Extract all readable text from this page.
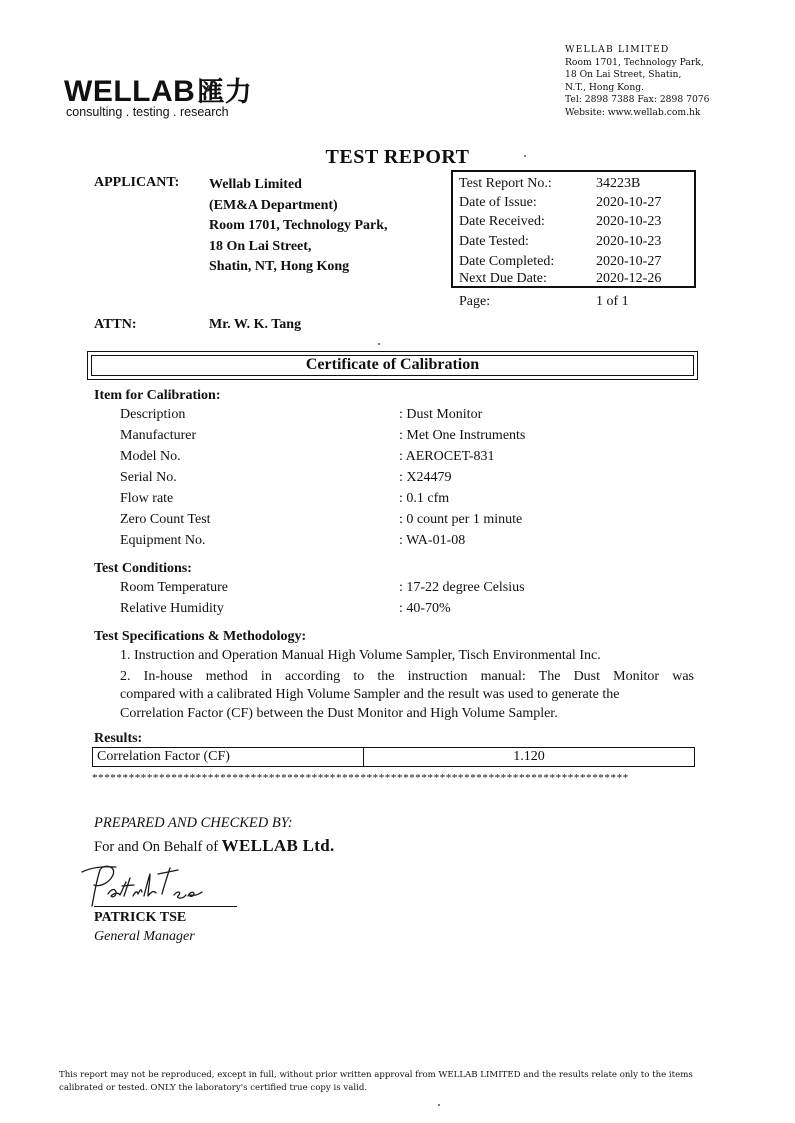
WELLAB匯力
consulting . testing . research
WELLAB LIMITED
Room 1701, Technology Park,
18 On Lai Street, Shatin,
N.T., Hong Kong.
Tel: 2898 7388 Fax: 2898 7076
Website: www.wellab.com.hk
TEST REPORT
APPLICANT: Wellab Limited
(EM&A Department)
Room 1701, Technology Park,
18 On Lai Street,
Shatin, NT, Hong Kong
Test Report No.:	34223B
Date of Issue:	2020-10-27
Date Received:	2020-10-23
Date Tested:	2020-10-23
Date Completed:	2020-10-27
Next Due Date:	2020-12-26
Page:	1 of 1
ATTN:	Mr. W. K. Tang
Certificate of Calibration
Item for Calibration:
Description	: Dust Monitor
Manufacturer	: Met One Instruments
Model No.	: AEROCET-831
Serial No.	: X24479
Flow rate	: 0.1 cfm
Zero Count Test	: 0 count per 1 minute
Equipment No.	: WA-01-08
Test Conditions:
Room Temperature	: 17-22 degree Celsius
Relative Humidity	: 40-70%
Test Specifications & Methodology:
1. Instruction and Operation Manual High Volume Sampler, Tisch Environmental Inc.
2. In-house method in according to the instruction manual: The Dust Monitor was
compared with a calibrated High Volume Sampler and the result was used to generate the
Correlation Factor (CF) between the Dust Monitor and High Volume Sampler.
Results:
Correlation Factor (CF)	1.120
****************************************************************************************
PREPARED AND CHECKED BY:
For and On Behalf of WELLAB Ltd.
PATRICK TSE
General Manager
This report may not be reproduced, except in full, without prior written approval from WELLAB LIMITED and the results relate only to the items
calibrated or tested. ONLY the laboratory's certified true copy is valid.
